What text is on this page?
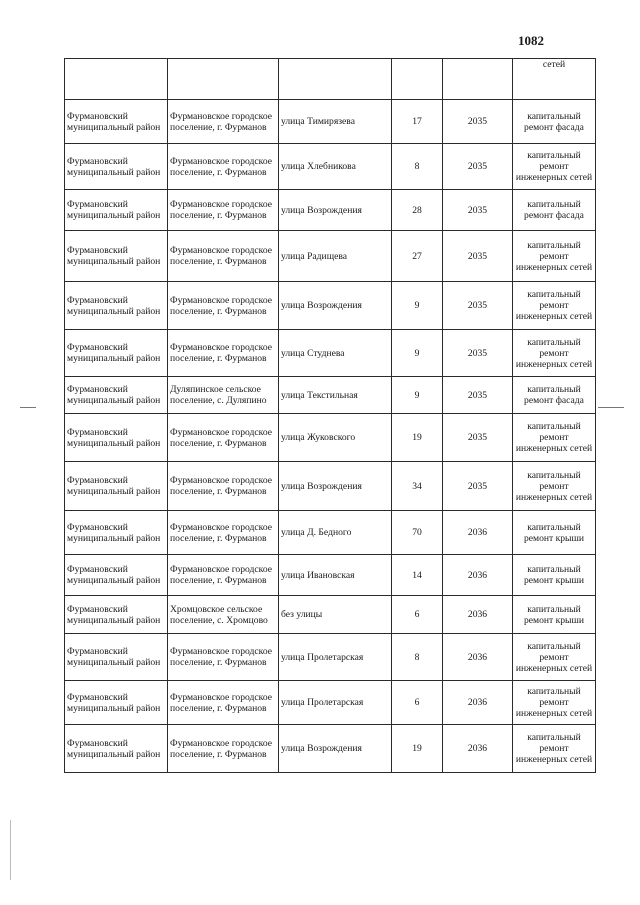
1082
					сетей
Фурмановский муниципальный район	Фурмановское городское поселение, г. Фурманов	улица Тимирязева	17	2035	капитальный ремонт фасада
Фурмановский муниципальный район	Фурмановское городское поселение, г. Фурманов	улица Хлебникова	8	2035	капитальный ремонт инженерных сетей
Фурмановский муниципальный район	Фурмановское городское поселение, г. Фурманов	улица Возрождения	28	2035	капитальный ремонт фасада
Фурмановский муниципальный район	Фурмановское городское поселение, г. Фурманов	улица Радищева	27	2035	капитальный ремонт инженерных сетей
Фурмановский муниципальный район	Фурмановское городское поселение, г. Фурманов	улица Возрождения	9	2035	капитальный ремонт инженерных сетей
Фурмановский муниципальный район	Фурмановское городское поселение, г. Фурманов	улица Студнева	9	2035	капитальный ремонт инженерных сетей
Фурмановский муниципальный район	Дуляпинское сельское поселение, с. Дуляпино	улица Текстильная	9	2035	капитальный ремонт фасада
Фурмановский муниципальный район	Фурмановское городское поселение, г. Фурманов	улица Жуковского	19	2035	капитальный ремонт инженерных сетей
Фурмановский муниципальный район	Фурмановское городское поселение, г. Фурманов	улица Возрождения	34	2035	капитальный ремонт инженерных сетей
Фурмановский муниципальный район	Фурмановское городское поселение, г. Фурманов	улица Д. Бедного	70	2036	капитальный ремонт крыши
Фурмановский муниципальный район	Фурмановское городское поселение, г. Фурманов	улица Ивановская	14	2036	капитальный ремонт крыши
Фурмановский муниципальный район	Хромцовское сельское поселение, с. Хромцово	без улицы	6	2036	капитальный ремонт крыши
Фурмановский муниципальный район	Фурмановское городское поселение, г. Фурманов	улица Пролетарская	8	2036	капитальный ремонт инженерных сетей
Фурмановский муниципальный район	Фурмановское городское поселение, г. Фурманов	улица Пролетарская	6	2036	капитальный ремонт инженерных сетей
Фурмановский муниципальный район	Фурмановское городское поселение, г. Фурманов	улица Возрождения	19	2036	капитальный ремонт инженерных сетей
